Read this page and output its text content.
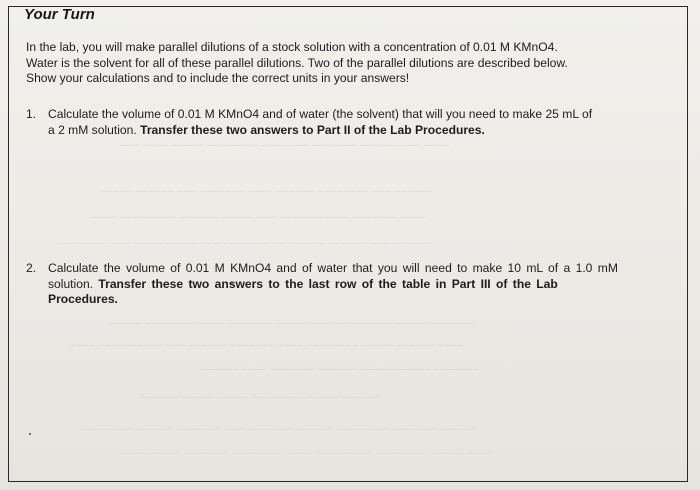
~~~~ ~~~ ~~~~~~ ~~~~~~~ ~~~ ~~~~ ~~~~~~~~ ~~~~~ ~~~~ ~~~
~~~~~~ ~~~ ~~~~~~~~ ~~~~~~ ~~~~ ~~~~~~~ ~~~ ~~~~~~ ~~~~~
~~~~ ~~~~~~~ ~~~~~~~~~~~ ~~~ ~~~~~ ~~~~~~ ~~~~~~~~~ ~~~~
~~~~~~ ~~~ ~~~~~~ ~~~~~~ ~~ ~~~~~~~ ~~~ ~~~~~~~~~~ ~~~ ~~~~ ~~~
~~~~~~~ ~~~~~ ~~~~~~~~~ ~~~ ~~~~~ ~~~~~~~ ~~~~ ~~~~~~~~ ~~~~~
~~~~ ~~~~~~ ~~~~~ ~~~~~~~~ ~~~~ ~~~~~~~ ~~~~~~ ~~~ ~~~~~~~~~~ ~~~~
~~~~~~~ ~~~~~~~~~~~ ~~~~~~ ~~~~~~~ ~~~~ ~~~~~~
~~~~~~ ~~~~~ ~~~~~~~~ ~~~~~ ~~~~~ ~~~~~~
~~~~~~ ~~~~~~~ ~~~~~~~~ ~~~~~~ ~~~~~~~ ~~~ ~~~~~~~ ~~~~~~ ~~~~~~~~
~~~~ ~~~~~ ~~~~~~~~ ~~~~~~~~~ ~~~~ ~~~~~~~~ ~~~~~~~ ~~~~~ ~~~~
Your Turn
In the lab, you will make parallel dilutions of a stock solution with a concentration of 0.01 M KMnO4.
Water is the solvent for all of these parallel dilutions. Two of the parallel dilutions are described below.
Show your calculations and to include the correct units in your answers!
1. Calculate the volume of 0.01 M KMnO4 and of water (the solvent) that will you need to make 25 mL of
a 2 mM solution. Transfer these two answers to Part II of the Lab Procedures.
2. Calculate the volume of 0.01 M KMnO4 and of water that you will need to make 10 mL of a 1.0 mM
solution. Transfer these two answers to the last row of the table in Part III of the Lab
Procedures.
